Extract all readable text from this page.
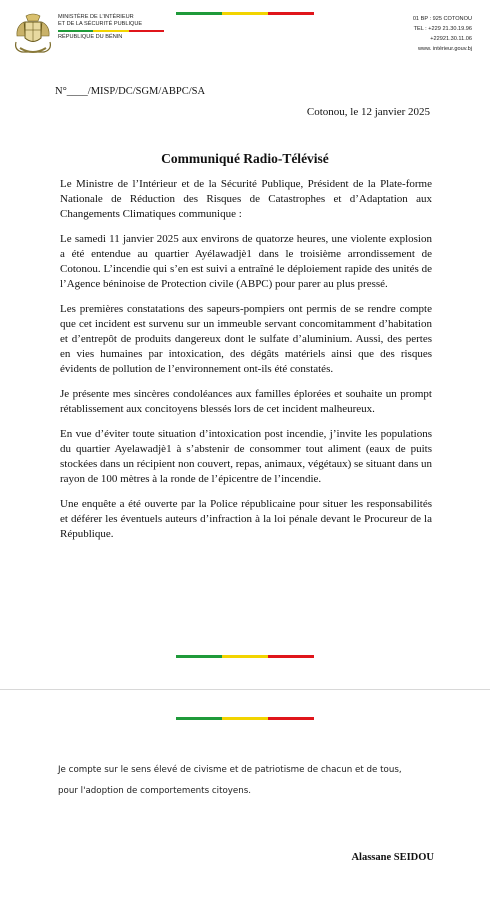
MINISTÈRE DE L'INTÉRIEUR
ET DE LA SÉCURITÉ PUBLIQUE
RÉPUBLIQUE DU BÉNIN
01 BP : 925 COTONOU
TEL : +229 21.30.19.96
+22921.30.11.06
www. intérieur.gouv.bj
N°____/MISP/DC/SGM/ABPC/SA
Cotonou, le 12 janvier 2025
Communiqué Radio-Télévisé

Le Ministre de l’Intérieur et de la Sécurité Publique, Président de la Plate-forme Nationale de Réduction des Risques de Catastrophes et d’Adaptation aux Changements Climatiques communique :

Le samedi 11 janvier 2025 aux environs de quatorze heures, une violente explosion a été entendue au quartier Ayélawadjè1 dans le troisième arrondissement de Cotonou. L’incendie qui s’en est suivi a entraîné le déploiement rapide des unités de l’Agence béninoise de Protection civile (ABPC) pour parer au plus pressé.

Les premières constatations des sapeurs-pompiers ont permis de se rendre compte que cet incident est survenu sur un immeuble servant concomitamment d’habitation et d’entrepôt de produits dangereux dont le sulfate d’aluminium. Aussi, des pertes en vies humaines par intoxication, des dégâts matériels ainsi que des risques évidents de pollution de l’environnement ont-ils été constatés.

Je présente mes sincères condoléances aux familles éplorées et souhaite un prompt rétablissement aux concitoyens blessés lors de cet incident malheureux.

En vue d’éviter toute situation d’intoxication post incendie, j’invite les populations du quartier Ayelawadjè1 à s’abstenir de consommer tout aliment (eaux de puits stockées dans un récipient non couvert, repas, animaux, végétaux) se situant dans un rayon de 100 mètres à la ronde de l’épicentre de l’incendie.

Une enquête a été ouverte par la Police républicaine pour situer les responsabilités et déférer les éventuels auteurs d’infraction à la loi pénale devant le Procureur de la République.

Je compte sur le sens élevé de civisme et de patriotisme de chacun et de tous,
pour l'adoption de comportements citoyens.
Alassane SEIDOU
